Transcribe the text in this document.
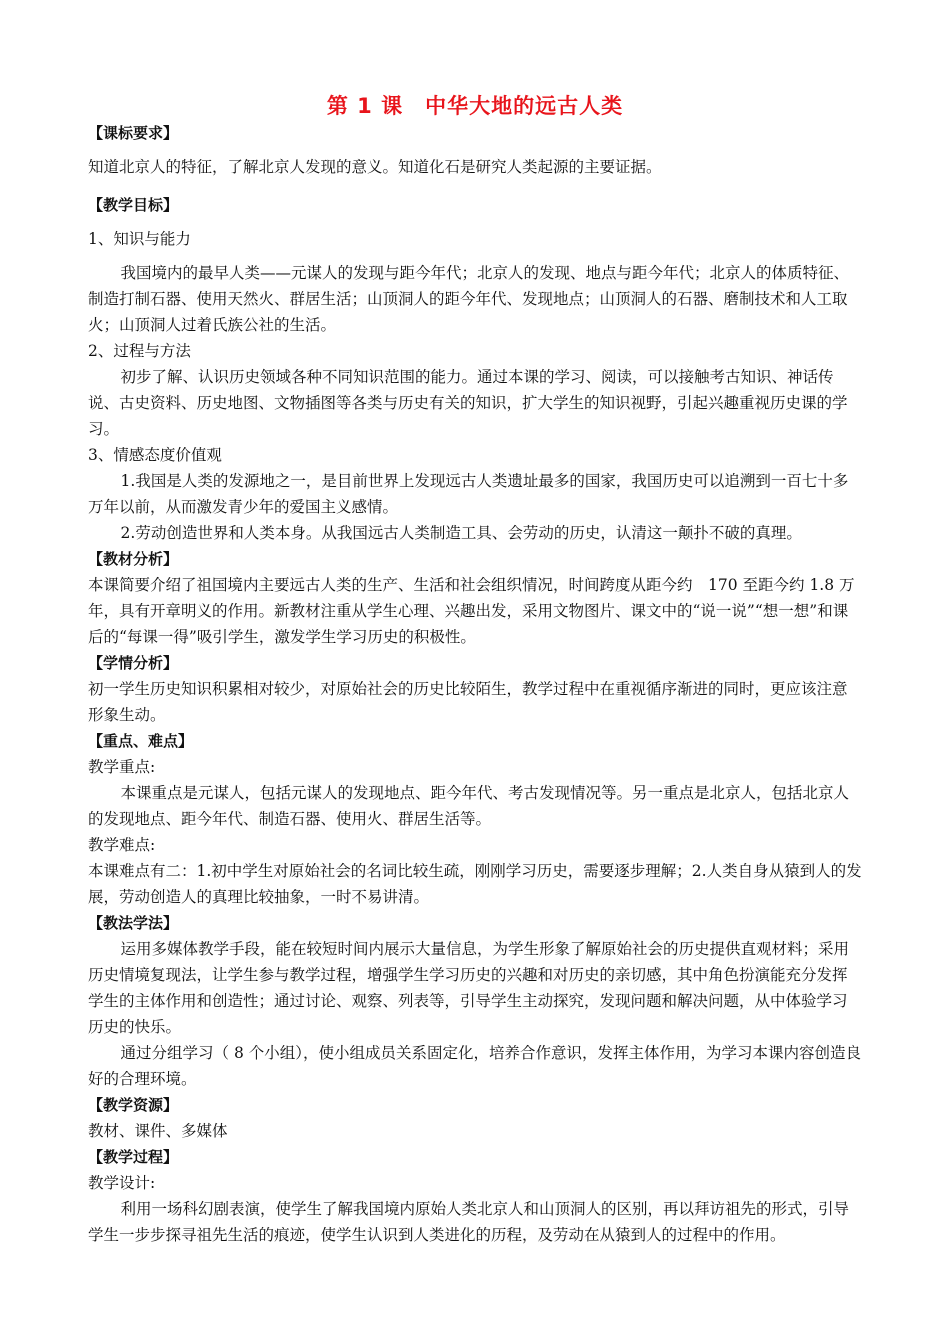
第 1 课　中华大地的远古人类
【课标要求】

知道北京人的特征，了解北京人发现的意义。知道化石是研究人类起源的主要证据。

【教学目标】

1、知识与能力

我国境内的最早人类——元谋人的发现与距今年代；北京人的发现、地点与距今年代；北京人的体质特征、制造打制石器、使用天然火、群居生活；山顶洞人的距今年代、发现地点；山顶洞人的石器、磨制技术和人工取火；山顶洞人过着氏族公社的生活。

2、过程与方法

初步了解、认识历史领域各种不同知识范围的能力。通过本课的学习、阅读，可以接触考古知识、神话传说、古史资料、历史地图、文物插图等各类与历史有关的知识，扩大学生的知识视野，引起兴趣重视历史课的学习。

3、情感态度价值观

1.我国是人类的发源地之一，是目前世界上发现远古人类遗址最多的国家，我国历史可以追溯到一百七十多万年以前，从而激发青少年的爱国主义感情。

2.劳动创造世界和人类本身。从我国远古人类制造工具、会劳动的历史，认清这一颠扑不破的真理。

【教材分析】

本课简要介绍了祖国境内主要远古人类的生产、生活和社会组织情况，时间跨度从距今约　170 至距今约 1.8 万年，具有开章明义的作用。新教材注重从学生心理、兴趣出发，采用文物图片、课文中的“说一说”“想一想”和课后的“每课一得”吸引学生，激发学生学习历史的积极性。

【学情分析】

初一学生历史知识积累相对较少，对原始社会的历史比较陌生，教学过程中在重视循序渐进的同时，更应该注意形象生动。

【重点、难点】

教学重点:

本课重点是元谋人，包括元谋人的发现地点、距今年代、考古发现情况等。另一重点是北京人，包括北京人的发现地点、距今年代、制造石器、使用火、群居生活等。

教学难点:

本课难点有二：1.初中学生对原始社会的名词比较生疏，刚刚学习历史，需要逐步理解；2.人类自身从猿到人的发展，劳动创造人的真理比较抽象，一时不易讲清。

【教法学法】

运用多媒体教学手段，能在较短时间内展示大量信息，为学生形象了解原始社会的历史提供直观材料；采用历史情境复现法，让学生参与教学过程，增强学生学习历史的兴趣和对历史的亲切感，其中角色扮演能充分发挥学生的主体作用和创造性；通过讨论、观察、列表等，引导学生主动探究，发现问题和解决问题，从中体验学习历史的快乐。

通过分组学习（ 8 个小组），使小组成员关系固定化，培养合作意识，发挥主体作用，为学习本课内容创造良好的合理环境。

【教学资源】

教材、课件、多媒体

【教学过程】

教学设计:

利用一场科幻剧表演，使学生了解我国境内原始人类北京人和山顶洞人的区别，再以拜访祖先的形式，引导学生一步步探寻祖先生活的痕迹，使学生认识到人类进化的历程，及劳动在从猿到人的过程中的作用。
